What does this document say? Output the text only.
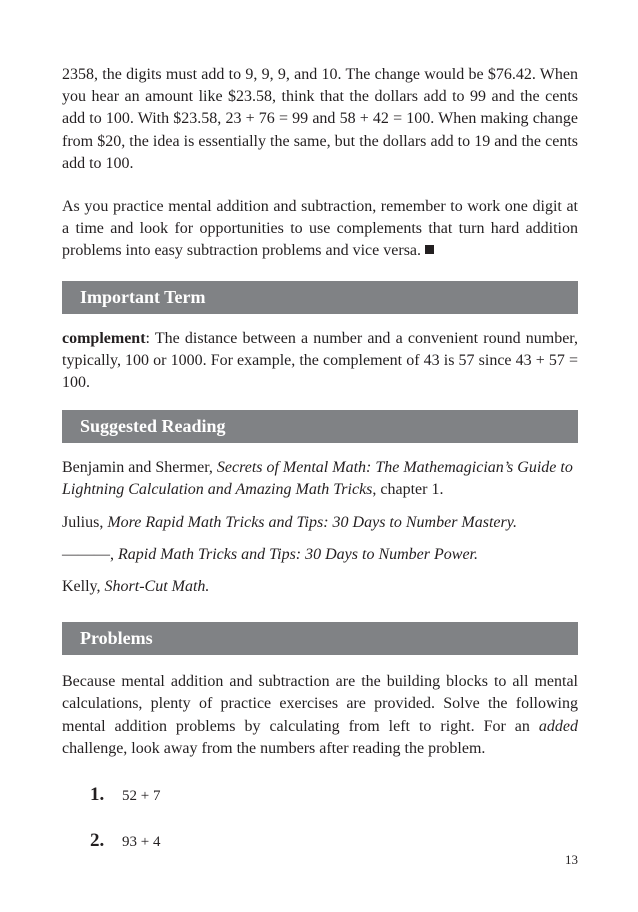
2358, the digits must add to 9, 9, 9, and 10. The change would be $76.42. When you hear an amount like $23.58, think that the dollars add to 99 and the cents add to 100. With $23.58, 23 + 76 = 99 and 58 + 42 = 100. When making change from $20, the idea is essentially the same, but the dollars add to 19 and the cents add to 100.

As you practice mental addition and subtraction, remember to work one digit at a time and look for opportunities to use complements that turn hard addition problems into easy subtraction problems and vice versa.

Important Term

complement: The distance between a number and a convenient round number, typically, 100 or 1000. For example, the complement of 43 is 57 since 43 + 57 = 100.

Suggested Reading

Benjamin and Shermer, Secrets of Mental Math: The Mathemagician’s Guide to Lightning Calculation and Amazing Math Tricks, chapter 1.

Julius, More Rapid Math Tricks and Tips: 30 Days to Number Mastery.

———, Rapid Math Tricks and Tips: 30 Days to Number Power.

Kelly, Short-Cut Math.

Problems

Because mental addition and subtraction are the building blocks to all mental calculations, plenty of practice exercises are provided. Solve the following mental addition problems by calculating from left to right. For an added challenge, look away from the numbers after reading the problem.

1. 52 + 7
2. 93 + 4
13
